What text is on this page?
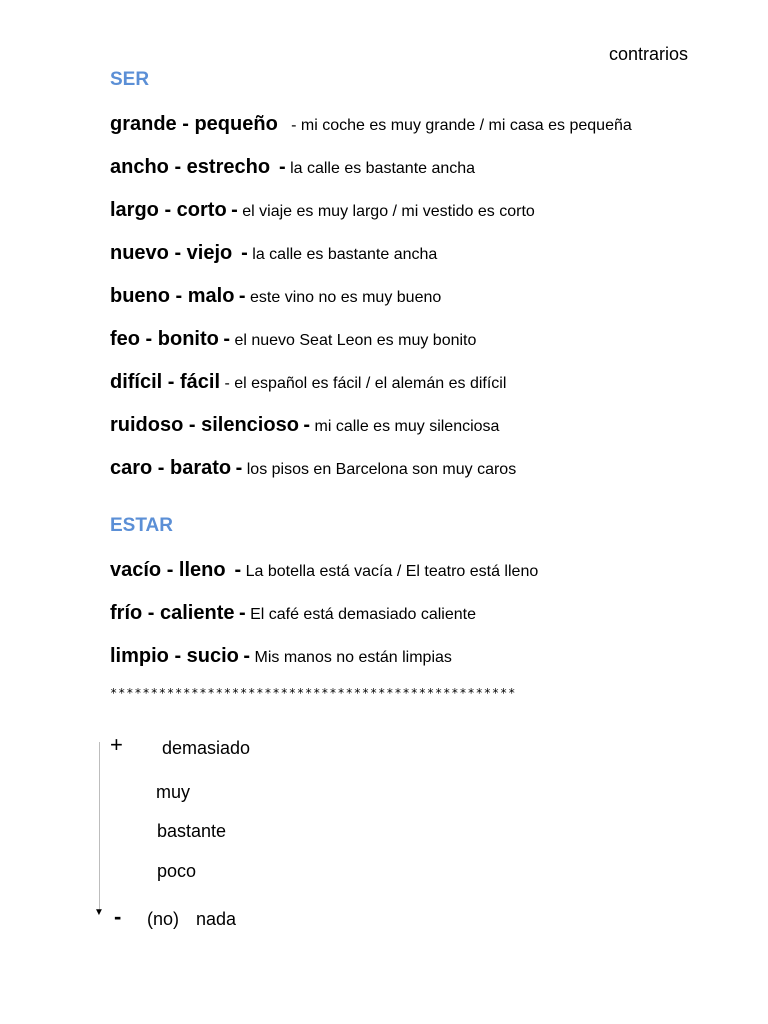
contrarios
SER
grande - pequeño - mi coche es muy grande / mi casa es pequeña
ancho - estrecho - la calle es bastante ancha
largo - corto - el viaje es muy largo / mi vestido es corto
nuevo - viejo - la calle es bastante ancha
bueno - malo - este vino no es muy bueno
feo - bonito - el nuevo Seat Leon es muy bonito
difícil - fácil - el español es fácil / el alemán es difícil
ruidoso - silencioso - mi calle es muy silenciosa
caro - barato - los pisos en Barcelona son muy caros
ESTAR
vacío - lleno - La botella está vacía / El teatro está lleno
frío - caliente - El café está demasiado caliente
limpio - sucio - Mis manos no están limpias
**************************************************
▼
+ demasiado
muy
bastante
poco
- (no) nada
